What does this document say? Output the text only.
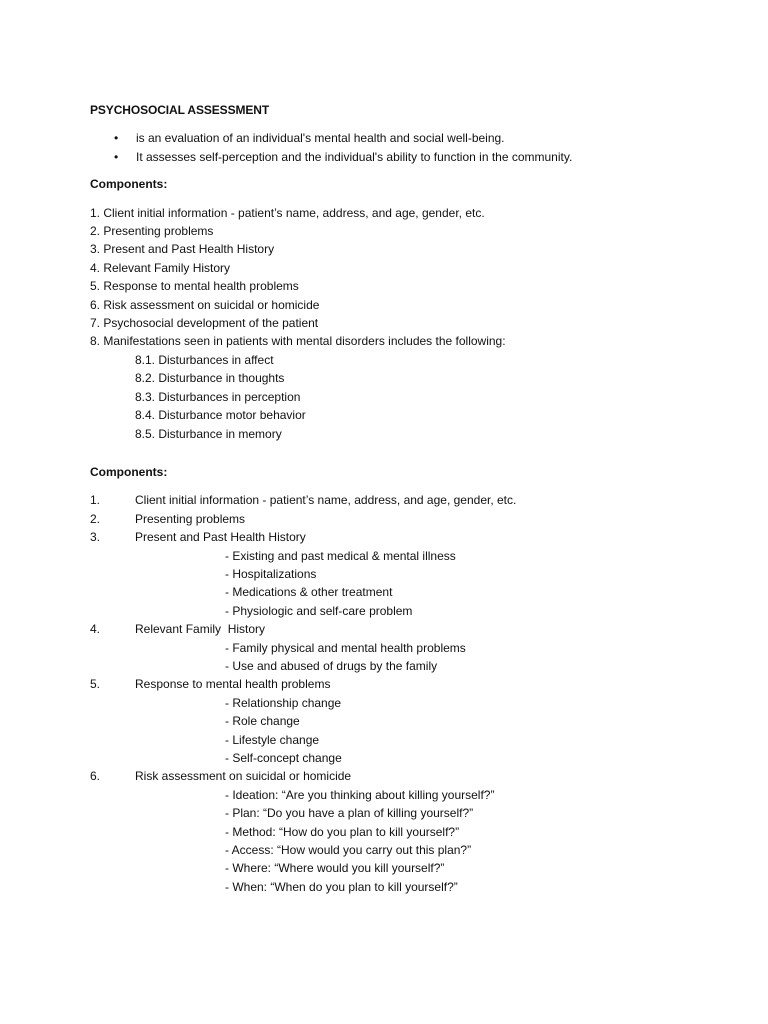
PSYCHOSOCIAL ASSESSMENT
• is an evaluation of an individual's mental health and social well-being.
• It assesses self-perception and the individual's ability to function in the community.
Components:
1. Client initial information - patient’s name, address, and age, gender, etc.
2. Presenting problems
3. Present and Past Health History
4. Relevant Family History
5. Response to mental health problems
6. Risk assessment on suicidal or homicide
7. Psychosocial development of the patient
8. Manifestations seen in patients with mental disorders includes the following:
8.1. Disturbances in affect
8.2. Disturbance in thoughts
8.3. Disturbances in perception
8.4. Disturbance motor behavior
8.5. Disturbance in memory
Components:
1.	Client initial information - patient’s name, address, and age, gender, etc.
2.	Presenting problems
3.	Present and Past Health History
- Existing and past medical & mental illness
- Hospitalizations
- Medications & other treatment
- Physiologic and self-care problem
4.	Relevant Family  History
- Family physical and mental health problems
- Use and abused of drugs by the family
5.	Response to mental health problems
- Relationship change
- Role change
- Lifestyle change
- Self-concept change
6.	Risk assessment on suicidal or homicide
- Ideation: “Are you thinking about killing yourself?”
- Plan: “Do you have a plan of killing yourself?”
- Method: “How do you plan to kill yourself?”
- Access: “How would you carry out this plan?”
- Where: “Where would you kill yourself?”
- When: “When do you plan to kill yourself?”
